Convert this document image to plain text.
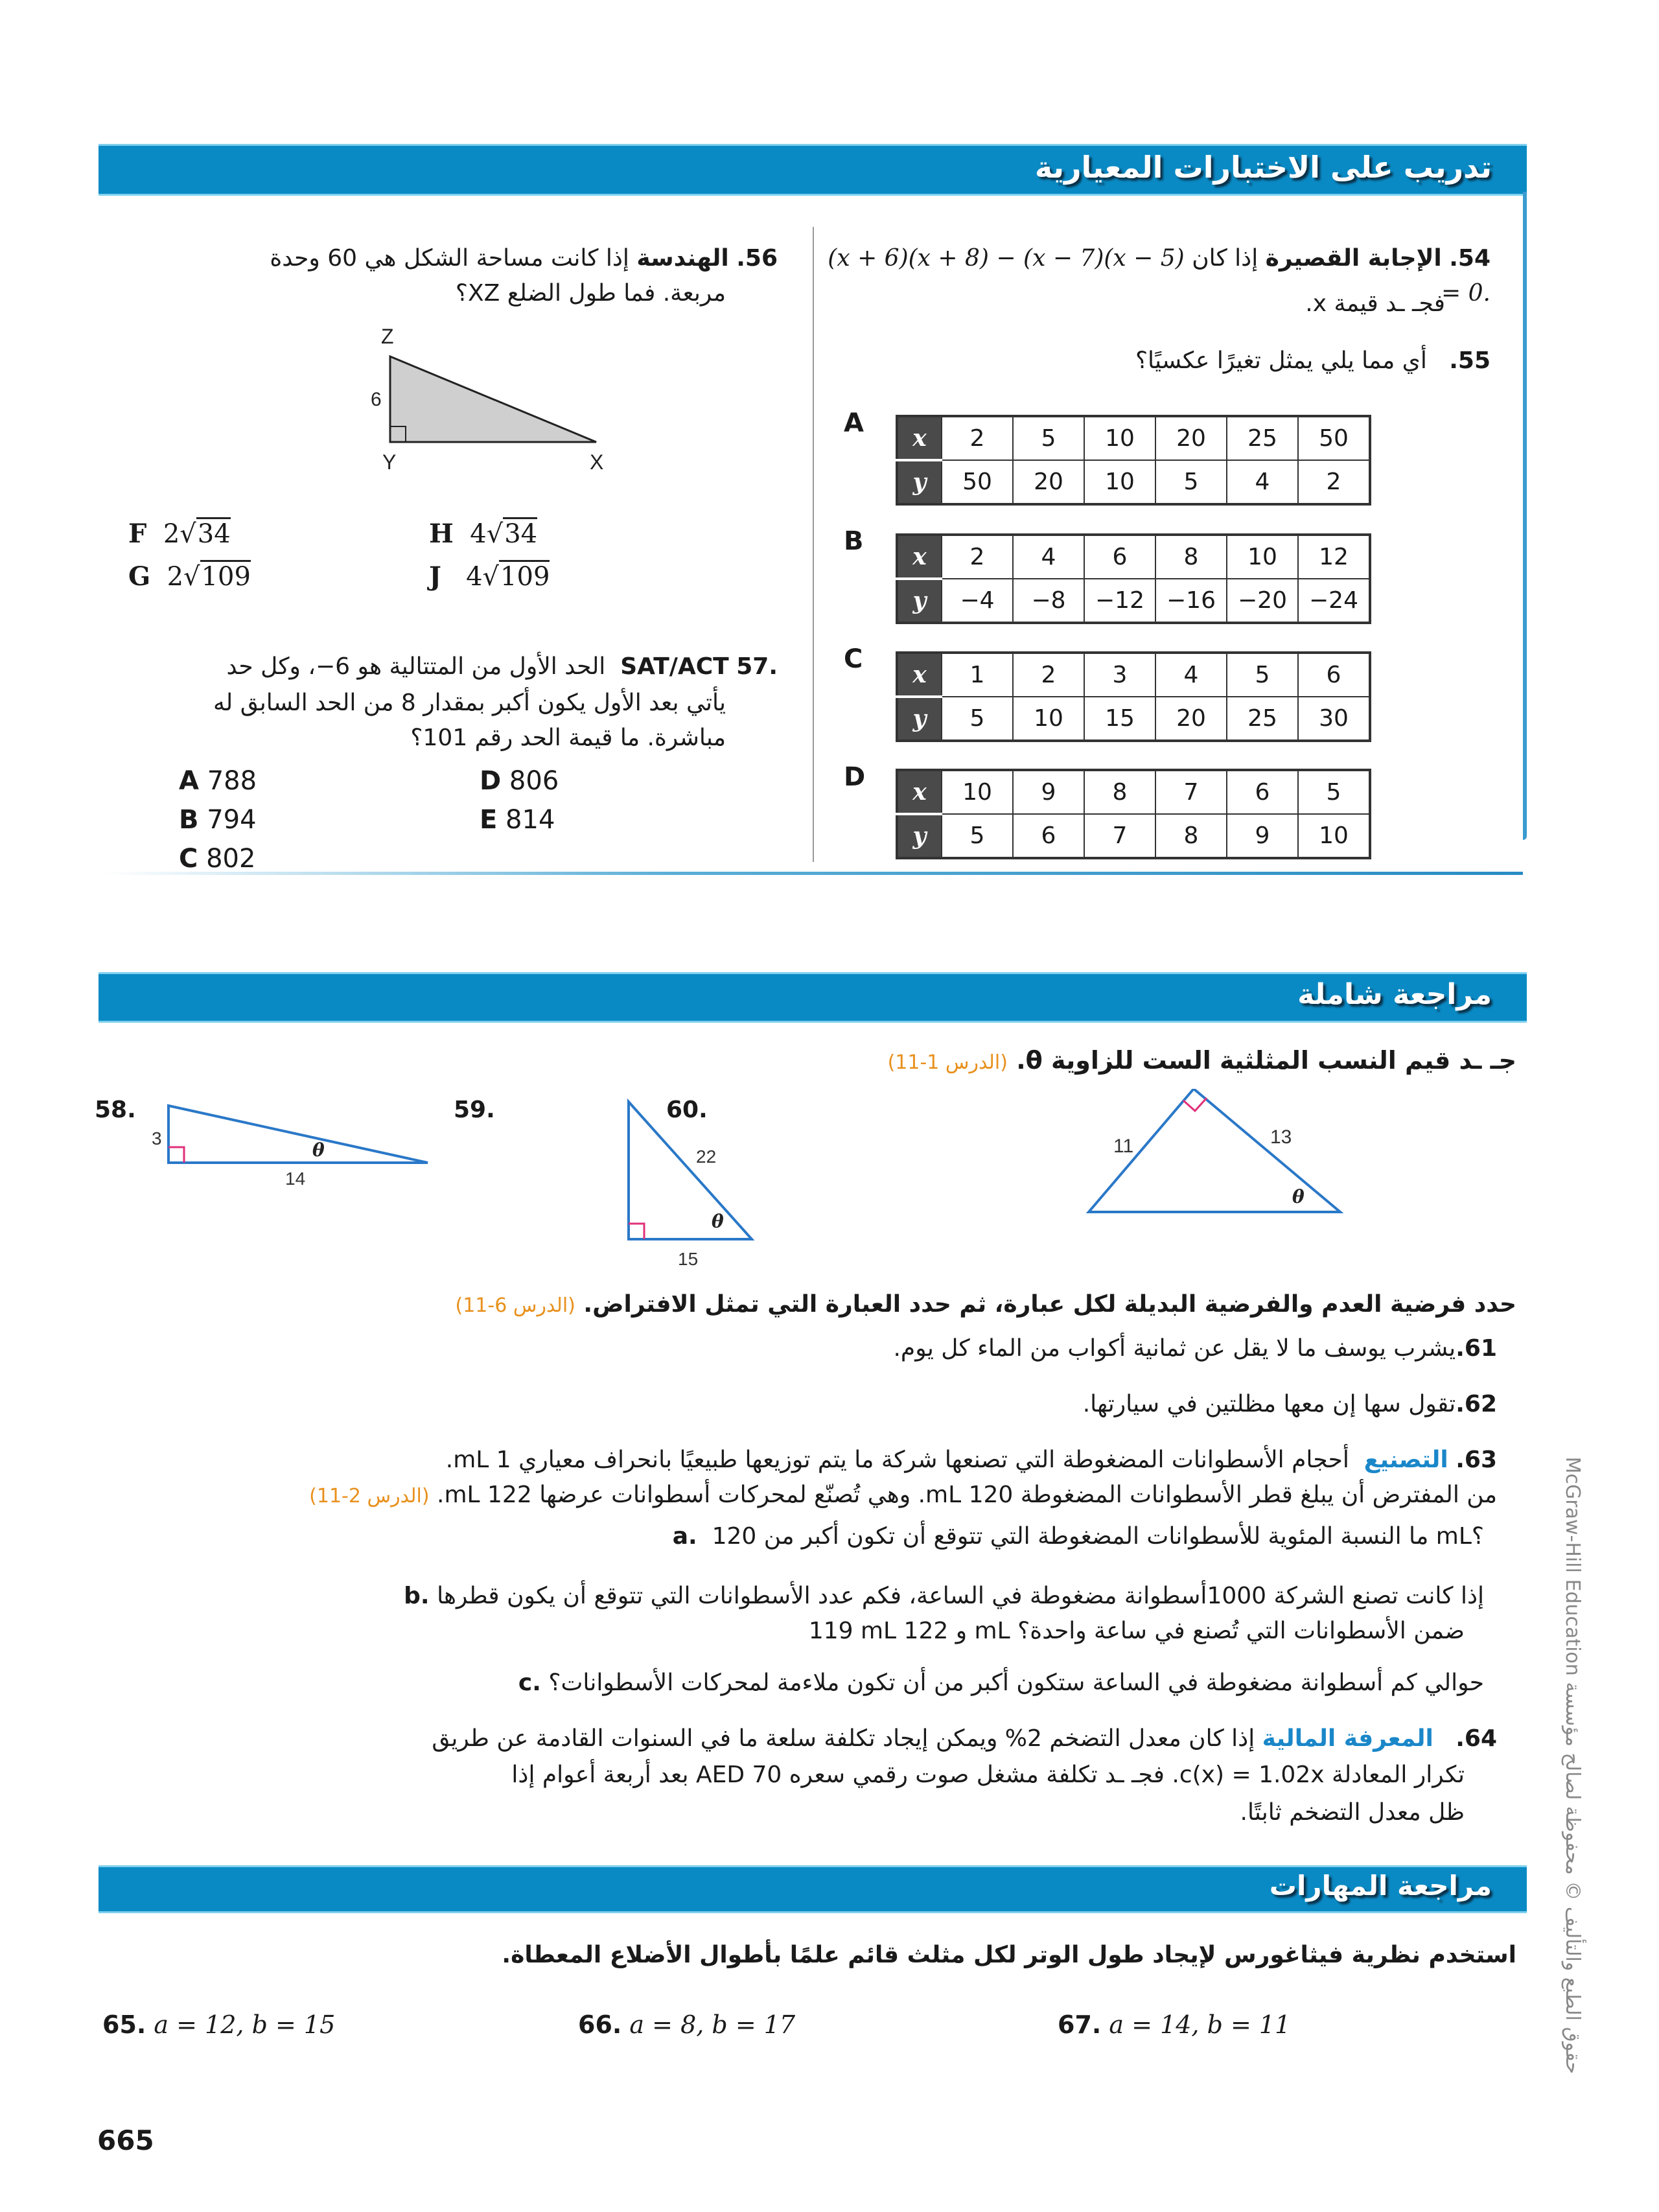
تدريب على الاختبارات المعيارية
54. الإجابة القصيرة إذا كان (x + 6)(x + 8) − (x − 7)(x − 5) = 0.
فجـ ـد قيمة x.
55.   أي مما يلي يمثل تغيرًا عكسيًا؟
A x	2	5	10	20	25	50
y	50	20	10	5	4	2
B
x	2	4	6	8	10	12
y	−4	−8	−12	−16	−20	−24
C
x	1	2	3	4	5	6
y	5	10	15	20	25	30
D x	10	9	8	7	6	5
y	5	6	7	8	9	10
56. الهندسة إذا كانت مساحة الشكل هي 60 وحدة
مربعة. فما طول الضلع XZ؟
Z
6
Y	X
F 2√34	H 4√34
G 2√109	J 4√109
.57 SAT/ACT  الحد الأول من المتتالية هو 6−، وكل حد
يأتي بعد الأول يكون أكبر بمقدار 8 من الحد السابق له
مباشرة. ما قيمة الحد رقم 101؟
A 788	D 806
B 794	E 814
C 802
مراجعة شاملة
جـ ـد قيم النسب المثلثية الست للزاوية θ. (الدرس 1-11)
58.
3
14
θ
59.	60.
22
15
θ
11	13
θ
حدد فرضية العدم والفرضية البديلة لكل عبارة، ثم حدد العبارة التي تمثل الافتراض. (الدرس 6-11)
61.يشرب يوسف ما لا يقل عن ثمانية أكواب من الماء كل يوم.
62.تقول سها إن معها مظلتين في سيارتها.
63. التصنيع  أحجام الأسطوانات المضغوطة التي تصنعها شركة ما يتم توزيعها طبيعيًا بانحراف معياري 1 mL.
من المفترض أن يبلغ قطر الأسطوانات المضغوطة 120 mL. وهي تُصنّع لمحركات أسطوانات عرضها 122 mL. (الدرس 2-11)
a. ما النسبة المئوية للأسطوانات المضغوطة التي تتوقع أن تكون أكبر من 120 mL؟
b. إذا كانت تصنع الشركة 1000أسطوانة مضغوطة في الساعة، فكم عدد الأسطوانات التي تتوقع أن يكون قطرها
119 mL و 122 mL ضمن الأسطوانات التي تُصنع في ساعة واحدة؟
c. حوالي كم أسطوانة مضغوطة في الساعة ستكون أكبر من أن تكون ملاءمة لمحركات الأسطوانات؟
64.   المعرفة المالية إذا كان معدل التضخم 2% ويمكن إيجاد تكلفة سلعة ما في السنوات القادمة عن طريق
تكرار المعادلة c(x) = 1.02x. فجـ ـد تكلفة مشغل صوت رقمي سعره AED 70 بعد أربعة أعوام إذا
ظل معدل التضخم ثابتًا.
مراجعة المهارات
استخدم نظرية فيثاغورس لإيجاد طول الوتر لكل مثلث قائم علمًا بأطوال الأضلاع المعطاة.
65. a = 12, b = 15	66. a = 8, b = 17	67. a = 14, b = 11
665
حقوق الطبع والتأليف © محفوظة لصالح مؤسسة McGraw-Hill Education
